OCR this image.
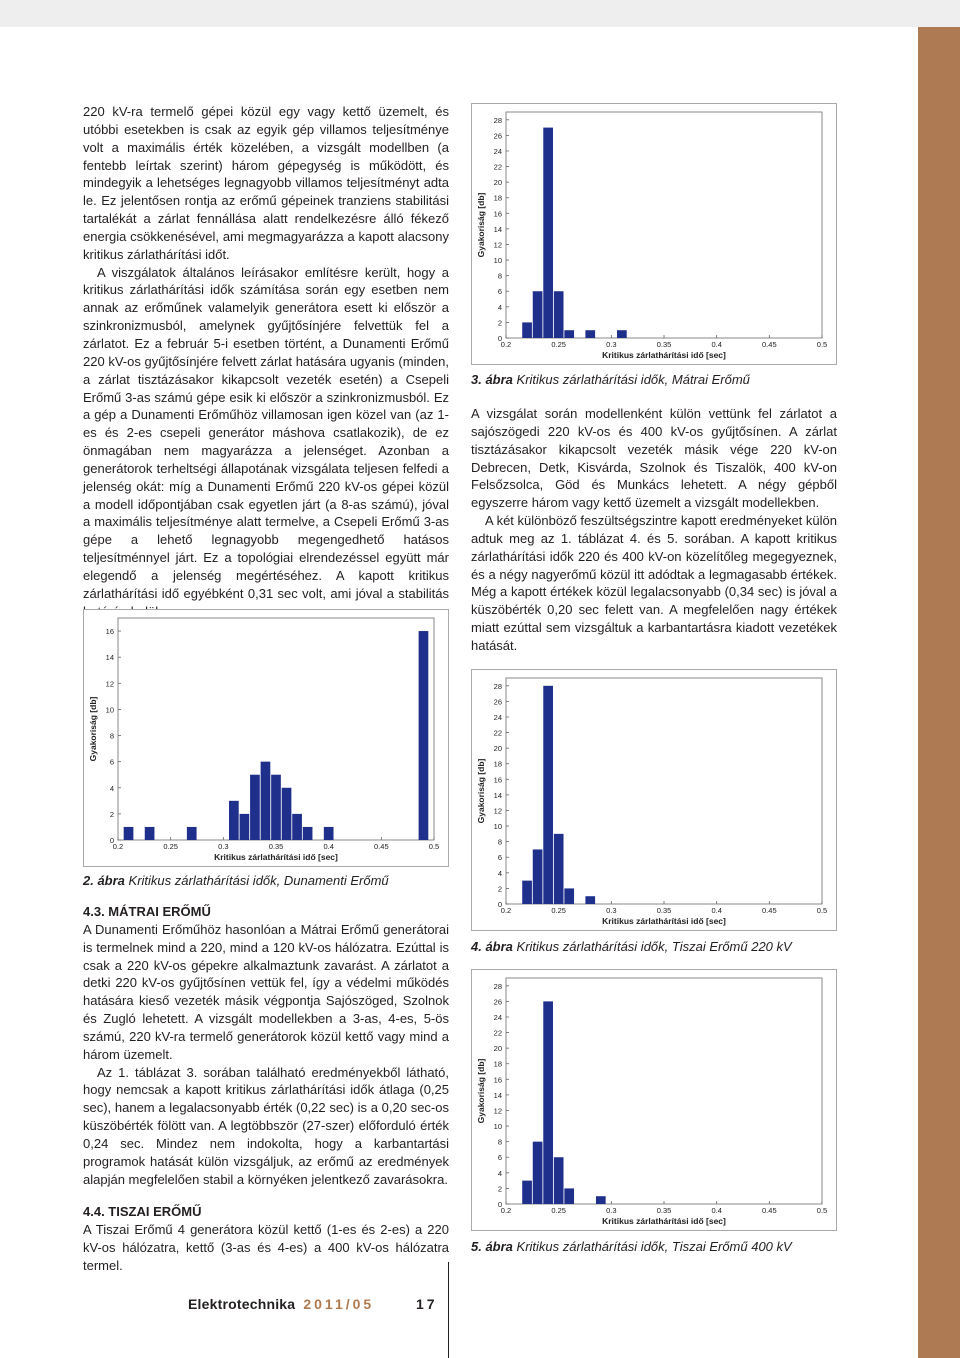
220 kV-ra termelő gépei közül egy vagy kettő üzemelt, és utóbbi esetekben is csak az egyik gép villamos teljesítménye volt a maximális érték közelében, a vizsgált modellben (a fentebb leírtak szerint) három gépegység is működött, és mindegyik a lehetséges legnagyobb villamos teljesítményt adta le. Ez jelentősen rontja az erőmű gépeinek tranziens stabilitási tartalékát a zárlat fennállása alatt rendelkezésre álló fékező energia csökkenésével, ami megmagyarázza a kapott alacsony kritikus zárlathárítási időt.

A viszgálatok általános leírásakor említésre került, hogy a kritikus zárlathárítási idők számítása során egy esetben nem annak az erőműnek valamelyik generátora esett ki először a szinkronizmusból, amelynek gyűjtősínjére felvettük fel a zárlatot. Ez a február 5-i esetben történt, a Dunamenti Erőmű 220 kV-os gyűjtősínjére felvett zárlat hatására ugyanis (minden, a zárlat tisztázásakor kikapcsolt vezeték esetén) a Csepeli Erőmű 3-as számú gépe esik ki először a szinkronizmusból. Ez a gép a Dunamenti Erőműhöz villamosan igen közel van (az 1-es és 2-es csepeli generátor máshova csatlakozik), de ez önmagában nem magyarázza a jelenséget. Azonban a generátorok terheltségi állapotának vizsgálata teljesen felfedi a jelenség okát: míg a Dunamenti Erőmű 220 kV-os gépei közül a modell időpontjában csak egyetlen járt (a 8-as számú), jóval a maximális teljesítménye alatt termelve, a Csepeli Erőmű 3-as gépe a lehető legnagyobb megengedhető hatásos teljesítménnyel járt. Ez a topológiai elrendezéssel együtt már elegendő a jelenség megértéséhez. A kapott kritikus zárlathárítási idő egyébként 0,31 sec volt, ami jóval a stabilitás

0
2
4
6
8
10
12
14
16
0.2	0.25	0.3	0.35	0.4	0.45	0.5
Kritikus zárlathárítási idő [sec]
Gyakoriság [db]
2. ábra Kritikus zárlathárítási idők, Dunamenti Erőmű

4.3. MÁTRAI ERŐMŰ

A Dunamenti Erőműhöz hasonlóan a Mátrai Erőmű generátorai is termelnek mind a 220, mind a 120 kV-os hálózatra. Ezúttal is csak a 220 kV-os gépekre alkalmaztunk zavarást. A zárlatot a detki 220 kV-os gyűjtősínen vettük fel, így a védelmi működés hatására kieső vezeték másik végpontja Sajószöged, Szolnok és Zugló lehetett. A vizsgált modellekben a 3-as, 4-es, 5-ös számú, 220 kV-ra termelő generátorok közül kettő vagy mind a három üzemelt.

Az 1. táblázat 3. sorában található eredményekből látható, hogy nemcsak a kapott kritikus zárlathárítási idők átlaga (0,25 sec), hanem a legalacsonyabb érték (0,22 sec) is a 0,20 sec-os küszöbérték fölött van. A legtöbbször (27-szer) előforduló érték 0,24 sec. Mindez nem indokolta, hogy a karbantartási programok hatását külön vizsgáljuk, az erőmű az eredmények alapján megfelelően stabil a környéken jelentkező zavarásokra.

4.4. TISZAI ERŐMŰ

A Tiszai Erőmű 4 generátora közül kettő (1-es és 2-es) a 220 kV-os hálózatra, kettő (3-as és 4-es) a 400 kV-os hálózatra termel.

0
2
4
6
8
10
12
14
16
18
20
22
24
26
28
0.2	0.25	0.3	0.35	0.4	0.45	0.5
Kritikus zárlathárítási idő [sec]
Gyakoriság [db]
3. ábra Kritikus zárlathárítási idők, Mátrai Erőmű

A vizsgálat során modellenként külön vettünk fel zárlatot a sajószögedi 220 kV-os és 400 kV-os gyűjtősínen. A zárlat tisztázásakor kikapcsolt vezeték másik vége 220 kV-on Debrecen, Detk, Kisvárda, Szolnok és Tiszalök, 400 kV-on Felsőzsolca, Göd és Munkács lehetett. A négy gépből egyszerre három vagy kettő üzemelt a vizsgált modellekben.

A két különböző feszültségszintre kapott eredményeket külön adtuk meg az 1. táblázat 4. és 5. sorában. A kapott kritikus zárlathárítási idők 220 és 400 kV-on közelítőleg megegyeznek, és a négy nagyerőmű közül itt adódtak a legmagasabb értékek. Még a kapott értékek közül legalacsonyabb (0,34 sec) is jóval a küszöbérték 0,20 sec felett van. A megfelelően nagy értékek miatt ezúttal sem vizsgáltuk a karbantartásra kiadott vezetékek hatását.

0
2
4
6
8
10
12
14
16
18
20
22
24
26
28
0.2	0.25	0.3	0.35	0.4	0.45	0.5
Kritikus zárlathárítási idő [sec]
Gyakoriság [db]
4. ábra Kritikus zárlathárítási idők, Tiszai Erőmű 220 kV
0
2
4
6
8
10
12
14
16
18
20
22
24
26
28
0.2	0.25	0.3	0.35	0.4	0.45	0.5
Kritikus zárlathárítási idő [sec]
Gyakoriság [db]
5. ábra Kritikus zárlathárítási idők, Tiszai Erőmű 400 kV
Elektrotechnika 2011/05	17
